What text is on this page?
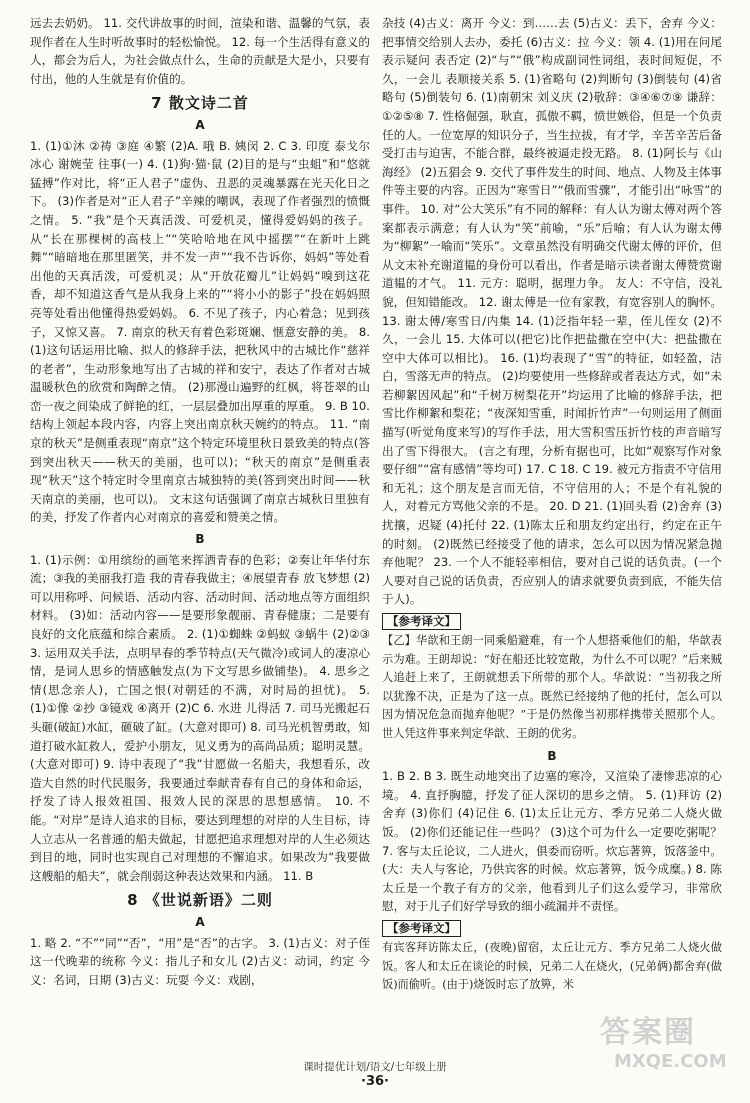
远去去奶奶。 11. 交代讲故事的时间，渲染和谐、温馨的气氛，表现作者在人生时听故事时的轻松愉悦。 12. 每一个生活得有意义的人，都会为后人，为社会做点什么，生命的贡献是大是小，只要有付出，他的人生就是有价值的。

7 散文诗二首
A

1. (1)①沐 ②祷 ③庭 ④繁 (2)A. 哦 B. 姨闵 2. C 3. 印度 泰戈尔 冰心 谢婉莹 往事(一) 4. (1)狗·猫·鼠 (2)目的是与“虫蛆”和“悠就猛搏”作对比，将“正人君子”虚伪、丑恶的灵魂暴露在光天化日之下。 (3)作者是对“正人君子”辛辣的嘲讽，表现了作者强烈的愤慨之情。 5. “我”是个天真活泼、可爱机灵，懂得爱妈妈的孩子。从“长在那棵树的高枝上”“笑哈哈地在风中摇摆”“在新叶上跳舞”“暗暗地在那里匿笑，并不发一声”“我不告诉你，妈妈”等处看出他的天真活泼，可爱机灵；从“开放花瓣儿”让妈妈“嗅到这花香，却不知道这香气是从我身上来的”“将小小的影子”投在妈妈照亮等处看出他懂得热爱妈妈。 6. 不见了孩子，内心着急；见到孩子，又惊又喜。 7. 南京的秋天有着色彩斑斓、惬意安静的美。 8. (1)这句话运用比喻、拟人的修辞手法，把秋风中的古城比作“慈祥的老者”，生动形象地写出了古城的祥和安宁，表达了作者对古城温暖秋色的欣赏和陶醉之情。 (2)那漫山遍野的红枫，将苍翠的山峦一夜之间染成了鲜艳的红，一层层叠加出厚重的厚重。 9. B 10. 结构上领起本段内容，内容上突出南京秋天婉约的特点。 11. “南京的秋天”是侧重表现“南京”这个特定环境里秋日景致美的特点(答到突出秋天——秋天的美丽，也可以)；“秋天的南京”是侧重表现“秋天”这个特定时令里南京古城独特的美(答到突出时间——秋天南京的美丽，也可以)。 文末这句话强调了南京古城秋日里独有的美，抒发了作者内心对南京的喜爱和赞美之情。

B

1. (1)示例：①用缤纷的画笔来挥洒青春的色彩；②奏让年华付东流；③我的美丽我打造 我的青春我做主；④展望青春 放飞梦想 (2)可以用称呼、问候语、活动内容、活动时间、活动地点等方面组织材料。 (3)如：活动内容——是要形象靓丽、青春健康；二是要有良好的文化底蕴和综合素质。 2. (1)①蜘蛛 ②蚂蚁 ③蜗牛 (2)②③ 3. 运用双关手法，点明早春的季节特点(天气微冷)或词人的凄凉心情，是词人思乡的情感触发点(为下文写思乡做铺垫)。 4. 思乡之情(思念亲人)，亡国之恨(对朝廷的不满，对时局的担忧)。 5. (1)①像 ②抄 ③镜戏 ④离开 (2)C 6. 水进 儿得活 7. 司马光搬起石头砸(破缸)水缸，砸破了缸。(大意对即可) 8. 司马光机智勇敢，知道打破水缸救人，爱护小朋友，见义勇为的高尚品质；聪明灵慧。(大意对即可) 9. 诗中表现了“我”甘愿做一名船夫，我想看乐，改造大自然的时代民服务，我要通过奉献青春有自己的身体和命运，抒发了诗人报效祖国、报效人民的深思的思想感情。 10. 不能。“对岸”是诗人追求的目标，要达到理想的对岸的人生目标，诗人立志从一名普通的船夫做起，甘愿把追求理想对岸的人生必须达到目的地，同时也实现自己对理想的不懈追求。如果改为“我要做这艘船的船夫”，就会削弱这种表达效果和内涵。 11. B

8 《世说新语》二则
A

1. 略 2. “不”“同”“否”，“用”是“否”的古字。 3. (1)古义：对子侄这一代晚辈的统称 今义：指儿子和女儿 (2)古义：动词，约定 今义：名词，日期 (3)古义：玩耍 今义：戏剧，

杂技 (4)古义：离开 今义：到……去 (5)古义：丢下，舍弃 今义：把事情交给别人去办，委托 (6)古义：拉 今义：领 4. (1)用在问尾表示疑问 表否定 (2)“与”“俄”构成副词性词组，表时间短促，不久，一会儿 表顺接关系 5. (1)省略句 (2)判断句 (3)倒装句 (4)省略句 (5)倒装句 6. (1)南朝宋 刘义庆 (2)敬辞：③④⑥⑦⑨ 谦辞：①②⑤⑧ 7. 性格倔强，耿直，孤傲不羁，愤世嫉俗，但是一个负责任的人。一位宽厚的知识分子，当生拉拔，有才学，辛苦辛苦后备受打击与迫害，不能合群，最终被逼走投无路。 8. (1)阿长与《山海经》 (2)五猖会 9. 交代了事件发生的时间、地点、人物及主体事件等主要的内容。正因为“寒雪日”“俄而雪骤”，才能引出“咏雪”的事件。 10. 对“公大笑乐”有不同的解释：有人认为谢太傅对两个答案都表示满意；有人认为“笑”前喻，“乐”后喻；有人认为谢太傅为“柳絮”一喻而“笑乐”。文章虽然没有明确交代谢太傅的评价，但从文末补充谢道韫的身份可以看出，作者是暗示读者谢太傅赞赏谢道韫的才气。 11. 元方：聪明，据理力争。 友人：不守信，没礼貌，但知错能改。 12. 谢太傅是一位有家教，有宽容别人的胸怀。 13. 谢太傅/寒雪日/内集 14. (1)泛指年轻一辈，侄儿侄女 (2)不久，一会儿 15. 大体可以(把它)比作把盐撒在空中(大：把盐撒在空中大体可以相比)。 16. (1)均表现了“雪”的特征，如轻盈，洁白，雪落无声的特点。 (2)均要使用一些修辞或者表达方式，如“未若柳絮因风起”和“千树万树梨花开”均运用了比喻的修辞手法，把雪比作柳絮和梨花；“夜深知雪重，时闻折竹声”一句则运用了侧面描写(听觉角度来写)的写作手法，用大雪积雪压折竹枝的声音暗写出了雪下得很大。 (言之有理，分析有据也可，比如“观察写作对象要仔细”“富有感情”等均可) 17. C 18. C 19. 被元方指责不守信用和无礼；这个朋友是言而无信，不守信用的人；不是个有礼貌的人，对着元方骂他父亲的不是。 20. D 21. (1)回头看 (2)舍弃 (3)扰攘，迟疑 (4)托付 22. (1)陈太丘和朋友约定出行，约定在正午的时刻。 (2)既然已经接受了他的请求，怎么可以因为情况紧急抛弃他呢？ 23. 一个人不能轻率相信，要对自己说的话负责。(一个人要对自己说的话负责，否应别人的请求就要负责到底，不能失信于人)。

【参考译文】

【乙】华歆和王朗一同乘船避难，有一个人想搭乘他们的船，华歆表示为难。王朗却说：“好在船还比较宽敞，为什么不可以呢？”后来贼人追赶上来了，王朗就想丢下所带的那个人。华歆说：“当初我之所以犹豫不决，正是为了这一点。既然已经接纳了他的托付，怎么可以因为情况危急而抛弃他呢？”于是仍然像当初那样携带关照那个人。世人凭这件事来判定华歆、王朗的优劣。

B

1. B 2. B 3. 既生动地突出了边塞的寒冷，又渲染了凄惨悲凉的心境。 4. 直抒胸臆，抒发了征人深切的思乡之情。 5. (1)拜访 (2)舍弃 (3)你们 (4)记住 6. (1)太丘让元方、季方兄弟二人烧火做饭。 (2)你们还能记住一些吗？ (3)这个可为什么一定要吃粥呢？ 7. 客与太丘论议，二人进火，俱委而窃听。炊忘著箅，饭落釜中。 (大：夫人与客论，乃供宾客的时候。炊忘著箅，饭今成糜。) 8. 陈太丘是一个教子有方的父亲，他看到儿子们这么爱学习，非常欣慰，对于儿子们好学导致的细小疏漏并不责怪。

【参考译文】

有宾客拜访陈太丘，(夜晚)留宿，太丘让元方、季方兄弟二人烧火做饭。客人和太丘在谈论的时候，兄弟二人在烧火，(兄弟俩)都舍弃(做饭)而偷听。(由于)烧饭时忘了放箅，米

课时提优计划/语文/七年级上册
·36·
答案圈
MXQE.COM
